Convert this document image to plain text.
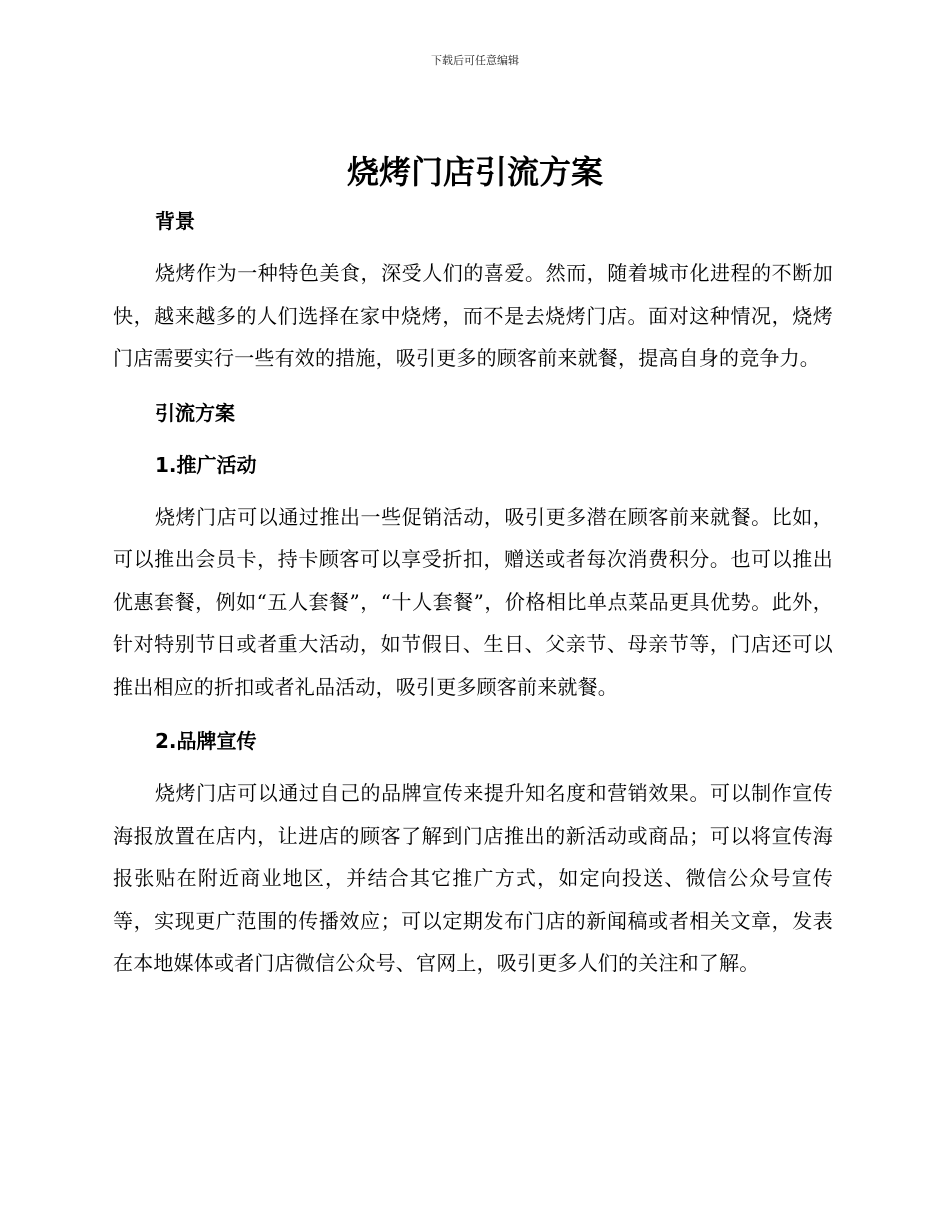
下载后可任意编辑
烧烤门店引流方案
背景

烧烤作为一种特色美食，深受人们的喜爱。然而，随着城市化进程的不断加快，越来越多的人们选择在家中烧烤，而不是去烧烤门店。面对这种情况，烧烤门店需要实行一些有效的措施，吸引更多的顾客前来就餐，提高自身的竞争力。

引流方案
1.推广活动

烧烤门店可以通过推出一些促销活动，吸引更多潜在顾客前来就餐。比如，可以推出会员卡，持卡顾客可以享受折扣，赠送或者每次消费积分。也可以推出优惠套餐，例如“五人套餐”，“十人套餐”，价格相比单点菜品更具优势。此外，针对特别节日或者重大活动，如节假日、生日、父亲节、母亲节等，门店还可以推出相应的折扣或者礼品活动，吸引更多顾客前来就餐。

2.品牌宣传

烧烤门店可以通过自己的品牌宣传来提升知名度和营销效果。可以制作宣传海报放置在店内，让进店的顾客了解到门店推出的新活动或商品；可以将宣传海报张贴在附近商业地区，并结合其它推广方式，如定向投送、微信公众号宣传等，实现更广范围的传播效应；可以定期发布门店的新闻稿或者相关文章，发表在本地媒体或者门店微信公众号、官网上，吸引更多人们的关注和了解。
